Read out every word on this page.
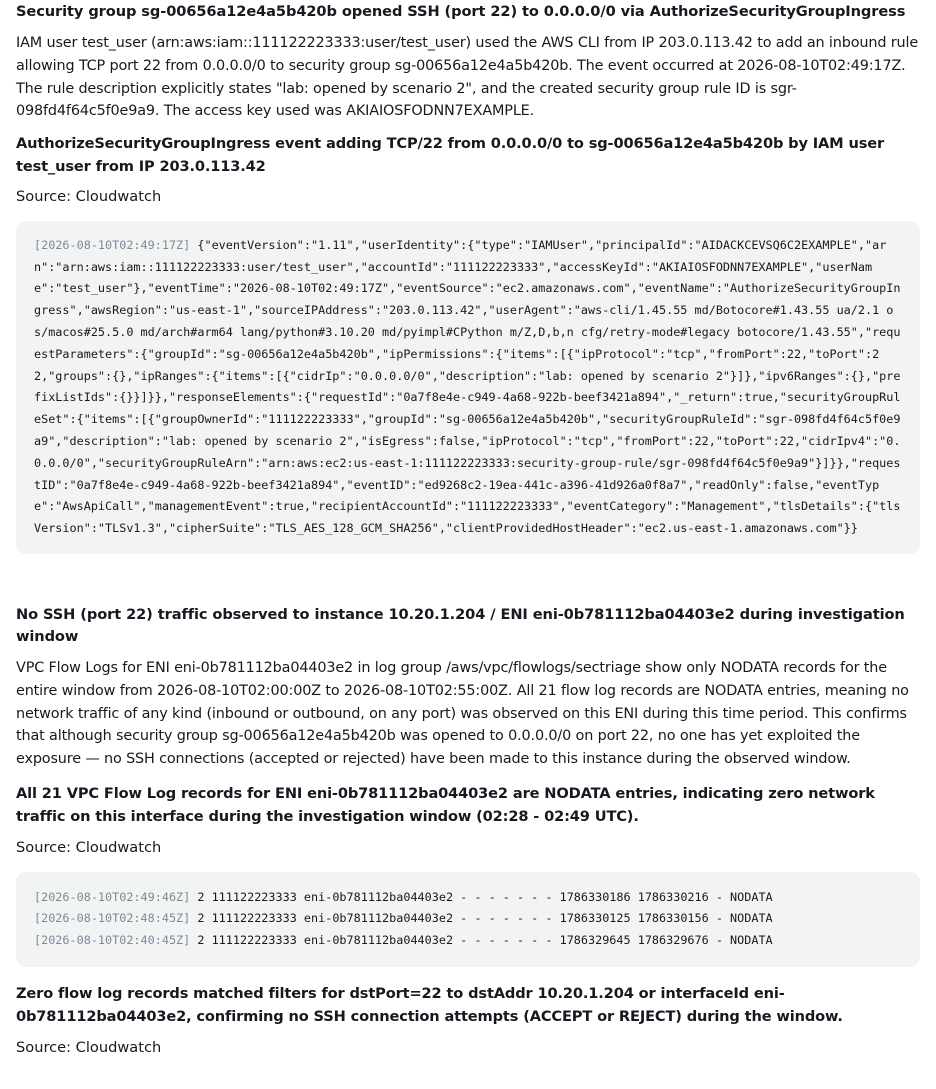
Security group sg-00656a12e4a5b420b opened SSH (port 22) to 0.0.0.0/0 via AuthorizeSecurityGroupIngress
IAM user test_user (arn:aws:iam::111122223333:user/test_user) used the AWS CLI from IP 203.0.113.42 to add an inbound rule allowing TCP port 22 from 0.0.0.0/0 to security group sg-00656a12e4a5b420b. The event occurred at 2026-08-10T02:49:17Z. The rule description explicitly states "lab: opened by scenario 2", and the created security group rule ID is sgr-098fd4f64c5f0e9a9. The access key used was AKIAIOSFODNN7EXAMPLE.
AuthorizeSecurityGroupIngress event adding TCP/22 from 0.0.0.0/0 to sg-00656a12e4a5b420b by IAM user test_user from IP 203.0.113.42
Source: Cloudwatch
[2026-08-10T02:49:17Z] {"eventVersion":"1.11","userIdentity":{"type":"IAMUser","principalId":"AIDACKCEVSQ6C2EXAMPLE","arn":"arn:aws:iam::111122223333:user/test_user","accountId":"111122223333","accessKeyId":"AKIAIOSFODNN7EXAMPLE","userName":"test_user"},"eventTime":"2026-08-10T02:49:17Z","eventSource":"ec2.amazonaws.com","eventName":"AuthorizeSecurityGroupIngress","awsRegion":"us-east-1","sourceIPAddress":"203.0.113.42","userAgent":"aws-cli/1.45.55 md/Botocore#1.43.55 ua/2.1 os/macos#25.5.0 md/arch#arm64 lang/python#3.10.20 md/pyimpl#CPython m/Z,D,b,n cfg/retry-mode#legacy botocore/1.43.55","requestParameters":{"groupId":"sg-00656a12e4a5b420b","ipPermissions":{"items":[{"ipProtocol":"tcp","fromPort":22,"toPort":22,"groups":{},"ipRanges":{"items":[{"cidrIp":"0.0.0.0/0","description":"lab: opened by scenario 2"}]},"ipv6Ranges":{},"prefixListIds":{}}]}},"responseElements":{"requestId":"0a7f8e4e-c949-4a68-922b-beef3421a894","_return":true,"securityGroupRuleSet":{"items":[{"groupOwnerId":"111122223333","groupId":"sg-00656a12e4a5b420b","securityGroupRuleId":"sgr-098fd4f64c5f0e9a9","description":"lab: opened by scenario 2","isEgress":false,"ipProtocol":"tcp","fromPort":22,"toPort":22,"cidrIpv4":"0.0.0.0/0","securityGroupRuleArn":"arn:aws:ec2:us-east-1:111122223333:security-group-rule/sgr-098fd4f64c5f0e9a9"}]}},"requestID":"0a7f8e4e-c949-4a68-922b-beef3421a894","eventID":"ed9268c2-19ea-441c-a396-41d926a0f8a7","readOnly":false,"eventType":"AwsApiCall","managementEvent":true,"recipientAccountId":"111122223333","eventCategory":"Management","tlsDetails":{"tlsVersion":"TLSv1.3","cipherSuite":"TLS_AES_128_GCM_SHA256","clientProvidedHostHeader":"ec2.us-east-1.amazonaws.com"}}
No SSH (port 22) traffic observed to instance 10.20.1.204 / ENI eni-0b781112ba04403e2 during investigation window
VPC Flow Logs for ENI eni-0b781112ba04403e2 in log group /aws/vpc/flowlogs/sectriage show only NODATA records for the entire window from 2026-08-10T02:00:00Z to 2026-08-10T02:55:00Z. All 21 flow log records are NODATA entries, meaning no network traffic of any kind (inbound or outbound, on any port) was observed on this ENI during this time period. This confirms that although security group sg-00656a12e4a5b420b was opened to 0.0.0.0/0 on port 22, no one has yet exploited the exposure — no SSH connections (accepted or rejected) have been made to this instance during the observed window.
All 21 VPC Flow Log records for ENI eni-0b781112ba04403e2 are NODATA entries, indicating zero network traffic on this interface during the investigation window (02:28 - 02:49 UTC).
Source: Cloudwatch
[2026-08-10T02:49:46Z] 2 111122223333 eni-0b781112ba04403e2 - - - - - - - 1786330186 1786330216 - NODATA
[2026-08-10T02:48:45Z] 2 111122223333 eni-0b781112ba04403e2 - - - - - - - 1786330125 1786330156 - NODATA
[2026-08-10T02:40:45Z] 2 111122223333 eni-0b781112ba04403e2 - - - - - - - 1786329645 1786329676 - NODATA
Zero flow log records matched filters for dstPort=22 to dstAddr 10.20.1.204 or interfaceId eni-0b781112ba04403e2, confirming no SSH connection attempts (ACCEPT or REJECT) during the window.
Source: Cloudwatch
